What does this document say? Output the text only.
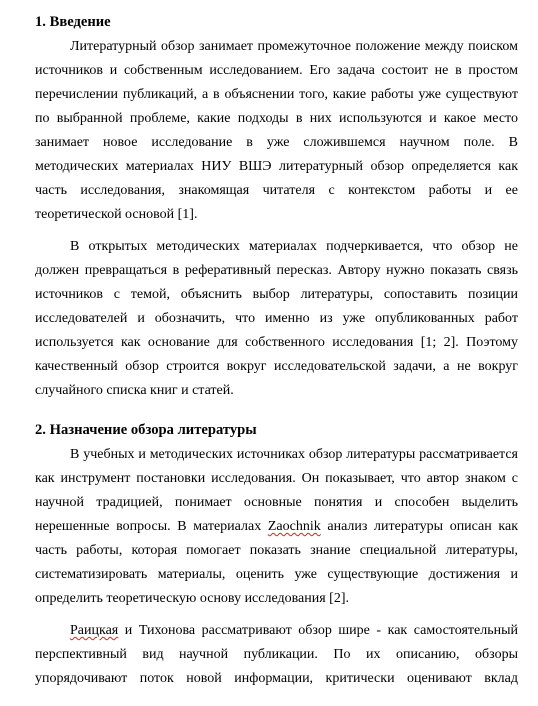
1. Введение
Литературный обзор занимает промежуточное положение между поиском
источников и собственным исследованием. Его задача состоит не в простом
перечислении публикаций, а в объяснении того, какие работы уже существуют
по выбранной проблеме, какие подходы в них используются и какое место
занимает новое исследование в уже сложившемся научном поле. В
методических материалах НИУ ВШЭ литературный обзор определяется как
часть исследования, знакомящая читателя с контекстом работы и ее
теоретической основой [1].
В открытых методических материалах подчеркивается, что обзор не
должен превращаться в реферативный пересказ. Автору нужно показать связь
источников с темой, объяснить выбор литературы, сопоставить позиции
исследователей и обозначить, что именно из уже опубликованных работ
используется как основание для собственного исследования [1; 2]. Поэтому
качественный обзор строится вокруг исследовательской задачи, а не вокруг
случайного списка книг и статей.
2. Назначение обзора литературы
В учебных и методических источниках обзор литературы рассматривается
как инструмент постановки исследования. Он показывает, что автор знаком с
научной традицией, понимает основные понятия и способен выделить
нерешенные вопросы. В материалах Zaochnik анализ литературы описан как
часть работы, которая помогает показать знание специальной литературы,
систематизировать материалы, оценить уже существующие достижения и
определить теоретическую основу исследования [2].
Раицкая и Тихонова рассматривают обзор шире - как самостоятельный
перспективный вид научной публикации. По их описанию, обзоры
упорядочивают поток новой информации, критически оценивают вклад
